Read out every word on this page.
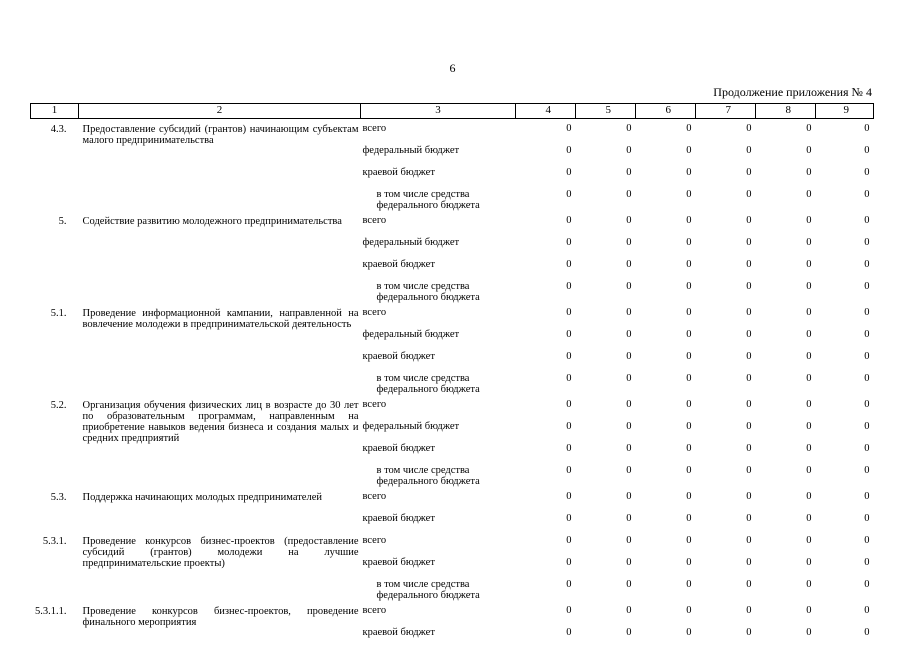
6
Продолжение приложения № 4
1	2	3	4	5	6	7	8	9
4.3.	Предоставление субсидий (грантов) начинающим субъектам малого предпринимательства	всего	0	0	0	0	0	0
		федеральный бюджет	0	0	0	0	0	0
		краевой бюджет	0	0	0	0	0	0
		в том числе средства федерального бюджета	0	0	0	0	0	0
5.	Содействие развитию молодежного предпринимательства	всего	0	0	0	0	0	0
		федеральный бюджет	0	0	0	0	0	0
		краевой бюджет	0	0	0	0	0	0
		в том числе средства федерального бюджета	0	0	0	0	0	0
5.1.	Проведение информационной кампании, направленной на вовлечение молодежи в предпринимательской деятельность	всего	0	0	0	0	0	0
		федеральный бюджет	0	0	0	0	0	0
		краевой бюджет	0	0	0	0	0	0
		в том числе средства федерального бюджета	0	0	0	0	0	0
5.2.	Организация обучения физических лиц в возрасте до 30 лет по образовательным программам, направленным на приобретение навыков ведения бизнеса и создания малых и средних предприятий	всего	0	0	0	0	0	0
		федеральный бюджет	0	0	0	0	0	0
		краевой бюджет	0	0	0	0	0	0
		в том числе средства федерального бюджета	0	0	0	0	0	0
5.3.	Поддержка начинающих молодых предпринимателей	всего	0	0	0	0	0	0
		краевой бюджет	0	0	0	0	0	0
5.3.1.	Проведение конкурсов бизнес-проектов (предоставление субсидий (грантов) молодежи на лучшие предпринимательские проекты)	всего	0	0	0	0	0	0
		краевой бюджет	0	0	0	0	0	0
		в том числе средства федерального бюджета	0	0	0	0	0	0
5.3.1.1.	Проведение конкурсов бизнес-проектов, проведение финального мероприятия	всего	0	0	0	0	0	0
		краевой бюджет	0	0	0	0	0	0
